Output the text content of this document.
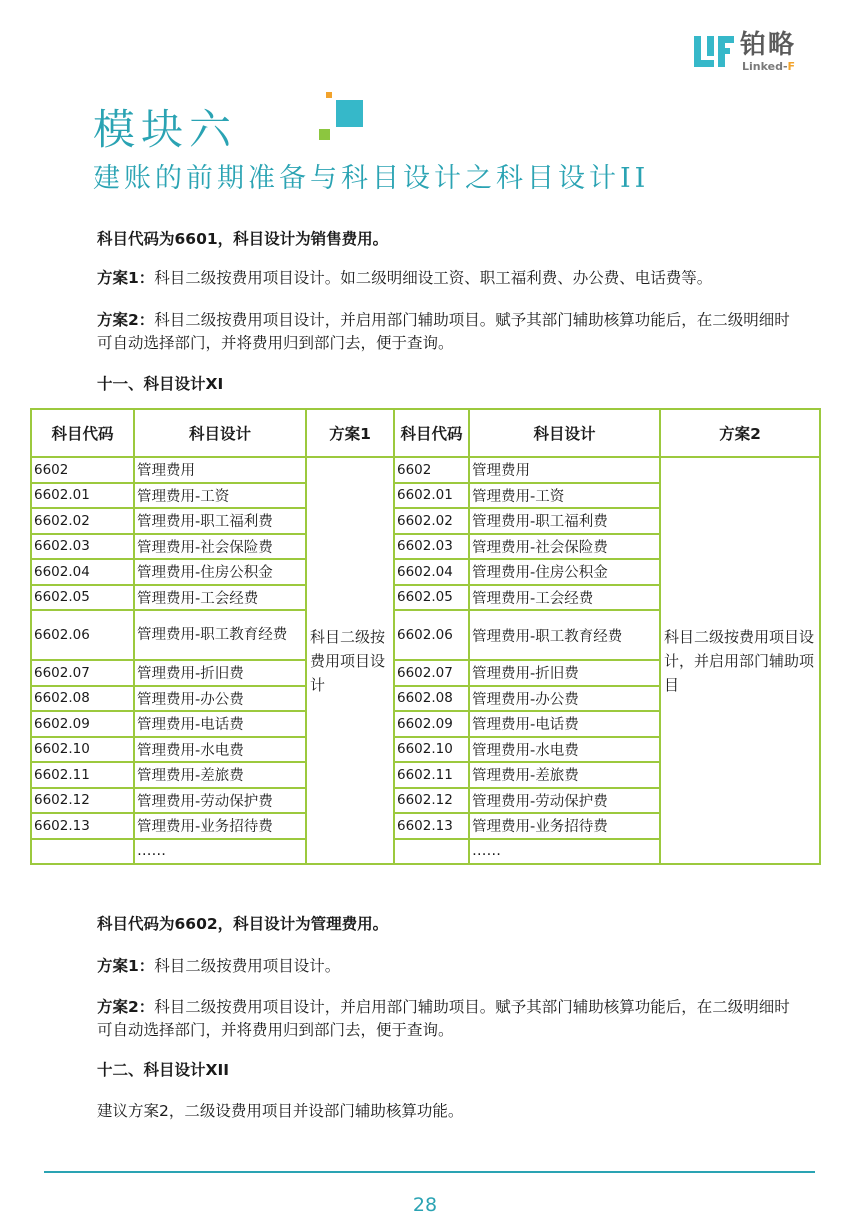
铂略
Linked-F
模块六
建账的前期准备与科目设计之科目设计II

科目代码为6601，科目设计为销售费用。

方案1：科目二级按费用项目设计。如二级明细设工资、职工福利费、办公费、电话费等。

方案2：科目二级按费用项目设计，并启用部门辅助项目。赋予其部门辅助核算功能后，在二级明细时可自动选择部门，并将费用归到部门去，便于查询。

十一、科目设计XI

科目代码	科目设计	方案1	科目代码	科目设计	方案2
6602	管理费用	科目二级按费用项目设计	6602	管理费用	科目二级按费用项目设计，并启用部门辅助项目
6602.01	管理费用-工资		6602.01	管理费用-工资	
6602.02	管理费用-职工福利费		6602.02	管理费用-职工福利费	
6602.03	管理费用-社会保险费		6602.03	管理费用-社会保险费	
6602.04	管理费用-住房公积金		6602.04	管理费用-住房公积金	
6602.05	管理费用-工会经费		6602.05	管理费用-工会经费	
6602.06	管理费用-职工教育经费		6602.06	管理费用-职工教育经费	
6602.07	管理费用-折旧费		6602.07	管理费用-折旧费	
6602.08	管理费用-办公费		6602.08	管理费用-办公费	
6602.09	管理费用-电话费		6602.09	管理费用-电话费	
6602.10	管理费用-水电费		6602.10	管理费用-水电费	
6602.11	管理费用-差旅费		6602.11	管理费用-差旅费	
6602.12	管理费用-劳动保护费		6602.12	管理费用-劳动保护费	
6602.13	管理费用-业务招待费		6602.13	管理费用-业务招待费	
	……			……	

科目代码为6602，科目设计为管理费用。

方案1：科目二级按费用项目设计。

方案2：科目二级按费用项目设计，并启用部门辅助项目。赋予其部门辅助核算功能后，在二级明细时可自动选择部门，并将费用归到部门去，便于查询。

十二、科目设计XII

建议方案2，二级设费用项目并设部门辅助核算功能。

28
